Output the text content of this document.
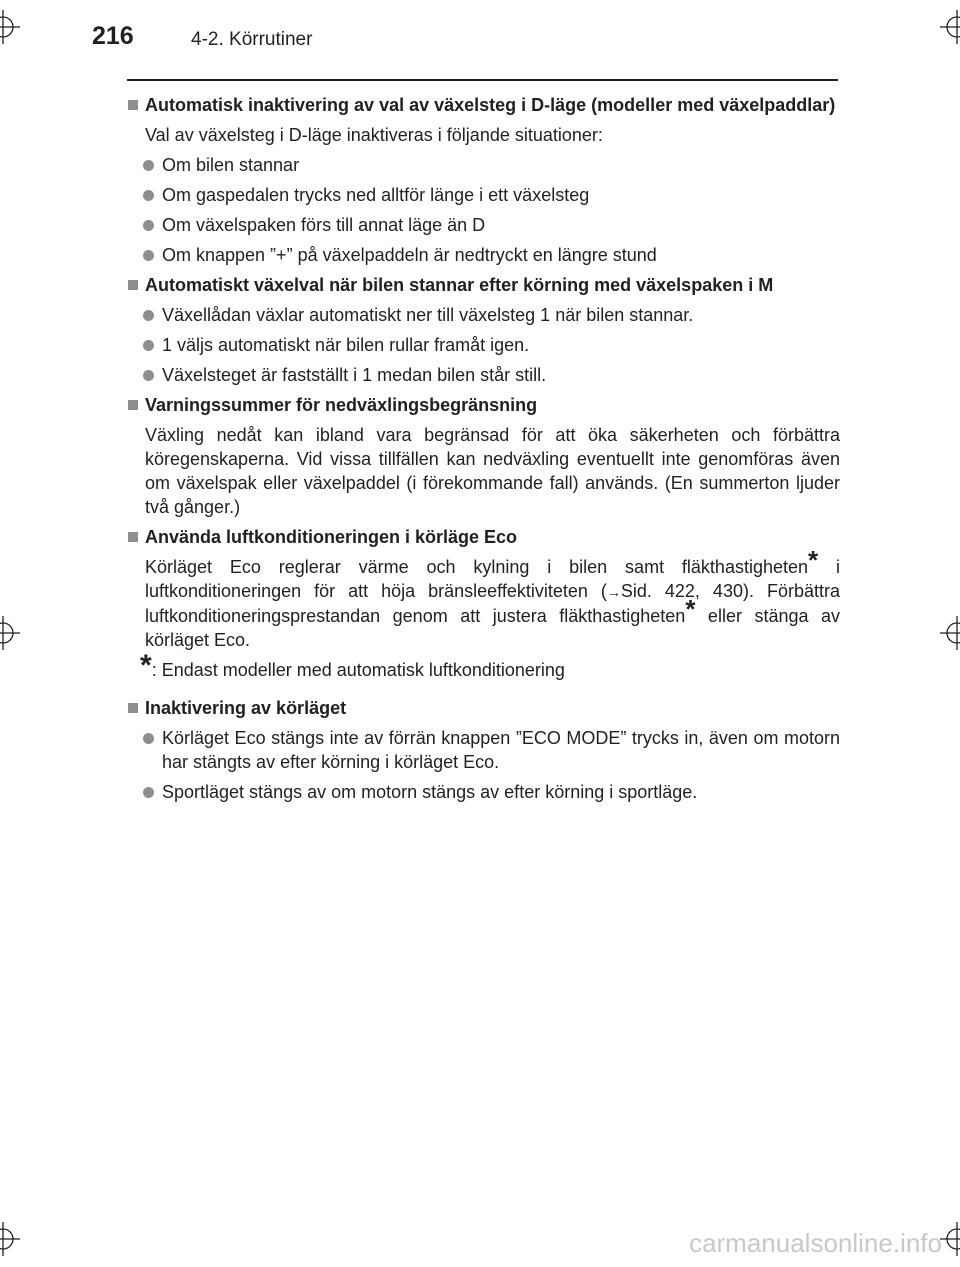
216	4-2. Körrutiner
Automatisk inaktivering av val av växelsteg i D-läge (modeller med växelpaddlar)
Val av växelsteg i D-läge inaktiveras i följande situationer:
Om bilen stannar
Om gaspedalen trycks ned alltför länge i ett växelsteg
Om växelspaken förs till annat läge än D
Om knappen ”+” på växelpaddeln är nedtryckt en längre stund
Automatiskt växelval när bilen stannar efter körning med växelspaken i M
Växellådan växlar automatiskt ner till växelsteg 1 när bilen stannar.
1 väljs automatiskt när bilen rullar framåt igen.
Växelsteget är fastställt i 1 medan bilen står still.
Varningssummer för nedväxlingsbegränsning
Växling nedåt kan ibland vara begränsad för att öka säkerheten och förbättra köregenskaperna. Vid vissa tillfällen kan nedväxling eventuellt inte genomföras även om växelspak eller växelpaddel (i förekommande fall) används. (En summerton ljuder två gånger.)
Använda luftkonditioneringen i körläge Eco
Körläget Eco reglerar värme och kylning i bilen samt fläkthastigheten* i luftkonditioneringen för att höja bränsleeffektiviteten (→Sid. 422, 430). Förbättra luftkonditioneringsprestandan genom att justera fläkthastigheten* eller stänga av körläget Eco.
*: Endast modeller med automatisk luftkonditionering
Inaktivering av körläget
Körläget Eco stängs inte av förrän knappen ”ECO MODE” trycks in, även om motorn har stängts av efter körning i körläget Eco.
Sportläget stängs av om motorn stängs av efter körning i sportläge.
carmanualsonline.info
